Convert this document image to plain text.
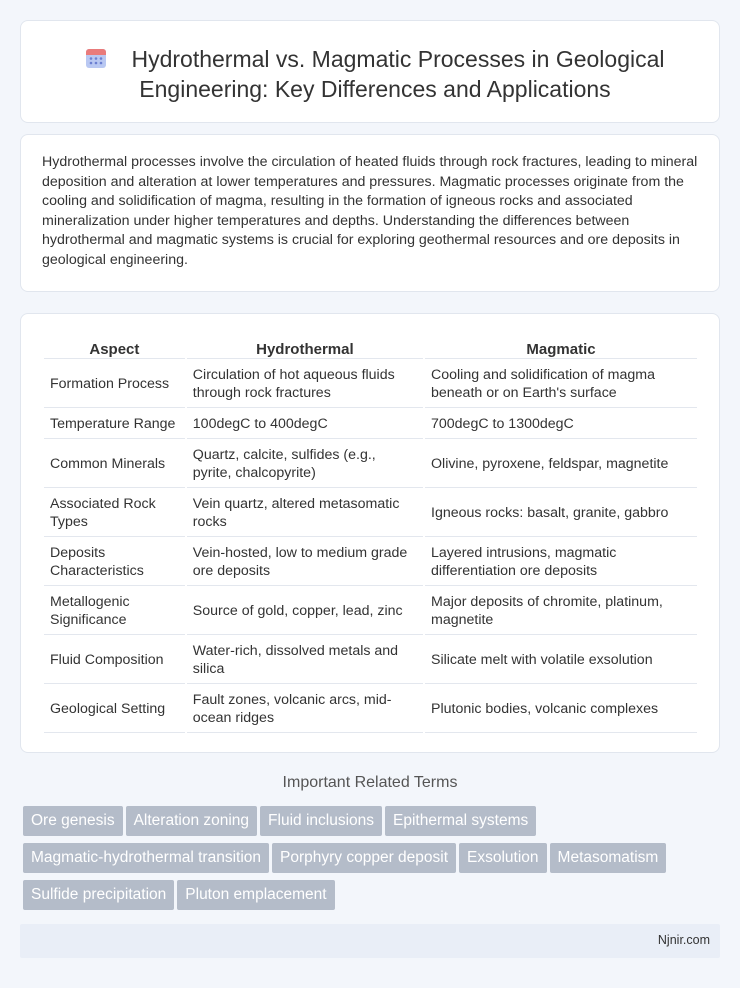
Hydrothermal vs. Magmatic Processes in Geological Engineering: Key Differences and Applications

Hydrothermal processes involve the circulation of heated fluids through rock fractures, leading to mineral deposition and alteration at lower temperatures and pressures. Magmatic processes originate from the cooling and solidification of magma, resulting in the formation of igneous rocks and associated mineralization under higher temperatures and depths. Understanding the differences between hydrothermal and magmatic systems is crucial for exploring geothermal resources and ore deposits in geological engineering.

Aspect	Hydrothermal	Magmatic
Formation Process	Circulation of hot aqueous fluids through rock fractures	Cooling and solidification of magma beneath or on Earth's surface
Temperature Range	100degC to 400degC	700degC to 1300degC
Common Minerals	Quartz, calcite, sulfides (e.g., pyrite, chalcopyrite)	Olivine, pyroxene, feldspar, magnetite
Associated Rock Types	Vein quartz, altered metasomatic rocks	Igneous rocks: basalt, granite, gabbro
Deposits Characteristics	Vein-hosted, low to medium grade ore deposits	Layered intrusions, magmatic differentiation ore deposits
Metallogenic Significance	Source of gold, copper, lead, zinc	Major deposits of chromite, platinum, magnetite
Fluid Composition	Water-rich, dissolved metals and silica	Silicate melt with volatile exsolution
Geological Setting	Fault zones, volcanic arcs, mid-ocean ridges	Plutonic bodies, volcanic complexes
Important Related Terms
Ore genesis Alteration zoning Fluid inclusions Epithermal systems
Magmatic-hydrothermal transition Porphyry copper deposit Exsolution Metasomatism
Sulfide precipitation Pluton emplacement
Njnir.com
